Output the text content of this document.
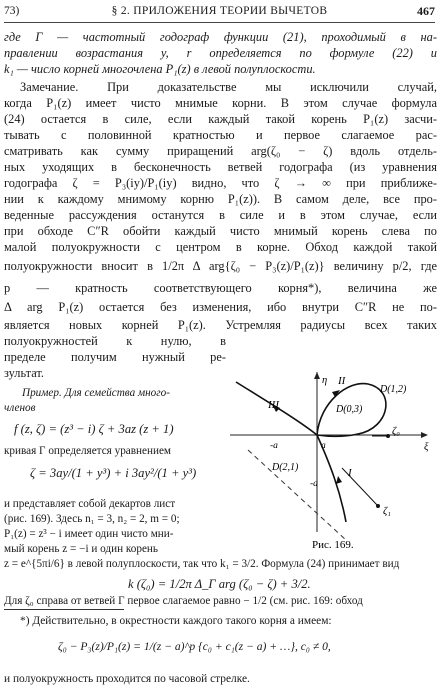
73)	§ 2. ПРИЛОЖЕНИЯ ТЕОРИИ ВЫЧЕТОВ	467
где Γ — частотный годограф функции (21), проходимый в на-
правлении возрастания y, r определяется по формуле (22) и
k₁ — число корней многочлена P₁(z) в левой полуплоскости.
Замечание. При доказательстве мы исключили случай,
когда P₁(z) имеет чисто мнимые корни. В этом случае формула
(24) остается в силе, если каждый такой корень P₁(z) засчи-
тывать с половинной кратностью и первое слагаемое рас-
сматривать как сумму приращений arg(ζ₀ − ζ) вдоль отдель-
ных уходящих в бесконечность ветвей годографа (из уравнения
годографа ζ = P₃(iy)/P₁(iy) видно, что ζ → ∞ при приближе-
нии к каждому мнимому корню P₁(z)). В самом деле, все про-
веденные рассуждения останутся в силе и в этом случае, если
при обходе C″R обойти каждый чисто мнимый корень слева по
малой полуокружности с центром в корне. Обход каждой такой
полуокружности вносит в 1/2π Δ arg{ζ₀ − P₃(z)/P₁(z)} величину p/2, где
p — кратность соответствующего корня*), величина же
Δ arg P₁(z) остается без изменения, ибо внутри C″R не по-
является новых корней P₁(z). Устремляя радиусы всех таких
полуокружностей к нулю, в
пределе получим нужный ре-
зультат.
Пример. Для семейства много-
членов
f (z, ζ) = (z³ − i) ζ + 3az (z + 1)
кривая Γ определяется уравнением
ζ = 3ay/(1 + y³) + i 3ay²/(1 + y³)
и представляет собой декартов лист
(рис. 169). Здесь n₁ = 3, n₂ = 2, m = 0;
P₁(z) = z³ − i имеет один чисто мни-
мый корень z = −i и один корень
z = e^{5πi/6} в левой полуплоскости, так что k₁ = 3/2. Формула (24) принимает вид
k (ζ₀) = 1/2π Δ_Γ arg (ζ₀ − ζ) + 3/2.
Для ζ₀ справа от ветвей Γ первое слагаемое равно − 1/2 (см. рис. 169: обход
II
III
I
D(0,3)
D(1,2)
D(2,1)
ζ₀
ζ₁
η
ξ
-a	a
-a
Рис. 169.
*) Действительно, в окрестности каждого такого корня a имеем:
ζ₀ − P₃(z)/P₁(z) = 1/(z − a)^p {c₀ + c₁(z − a) + …}, c₀ ≠ 0,
и полуокружность проходится по часовой стрелке.
